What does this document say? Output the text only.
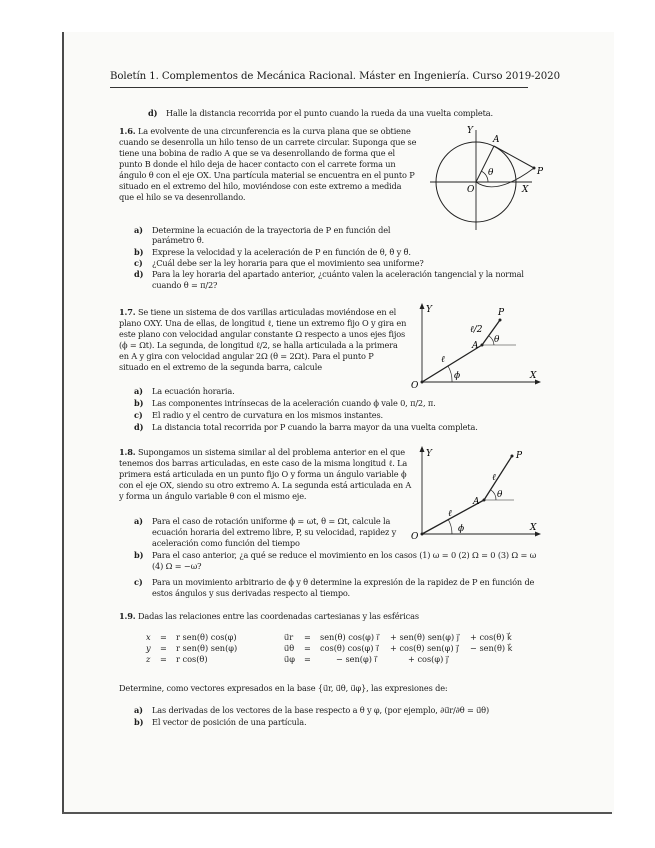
Boletín 1. Complementos de Mecánica Racional. Máster en Ingeniería. Curso 2019-2020
d) Halle la distancia recorrida por el punto cuando la rueda da una vuelta completa.
1.6. La evolvente de una circunferencia es la curva plana que se obtiene
cuando se desenrolla un hilo tenso de un carrete circular. Suponga que se
tiene una bobina de radio A que se va desenrollando de forma que el
punto B donde el hilo deja de hacer contacto con el carrete forma un
ángulo θ con el eje OX. Una partícula material se encuentra en el punto P
situado en el extremo del hilo, moviéndose con este extremo a medida
que el hilo se va desenrollando.
Y
A
θ
O	X
P
a) Determine la ecuación de la trayectoria de P en función del
parámetro θ.
b) Exprese la velocidad y la aceleración de P en función de θ, θ̇ y θ̈.
c) ¿Cuál debe ser la ley horaria para que el movimiento sea uniforme?
d) Para la ley horaria del apartado anterior, ¿cuánto valen la aceleración tangencial y la normal
cuando θ = π/2?
1.7. Se tiene un sistema de dos varillas articuladas moviéndose en el
plano OXY. Una de ellas, de longitud ℓ, tiene un extremo fijo O y gira en
este plano con velocidad angular constante Ω respecto a unos ejes fijos
(ϕ = Ωt). La segunda, de longitud ℓ/2, se halla articulada a la primera
en A y gira con velocidad angular 2Ω (θ = 2Ωt). Para el punto P
situado en el extremo de la segunda barra, calcule
Y	P
ℓ/2
A
θ
ℓ
ϕ
O
X
a) La ecuación horaria.
b) Las componentes intrínsecas de la aceleración cuando ϕ vale 0, π/2, π.
c) El radio y el centro de curvatura en los mismos instantes.
d) La distancia total recorrida por P cuando la barra mayor da una vuelta completa.
1.8. Supongamos un sistema similar al del problema anterior en el que
tenemos dos barras articuladas, en este caso de la misma longitud ℓ. La
primera está articulada en un punto fijo O y forma un ángulo variable ϕ
con el eje OX, siendo su otro extremo A. La segunda está articulada en A
y forma un ángulo variable θ con el mismo eje.
Y	P
ℓ
A
θ
ℓ
ϕ
O
X
a) Para el caso de rotación uniforme ϕ = ωt, θ = Ωt, calcule la
ecuación horaria del extremo libre, P, su velocidad, rapidez y
aceleración como función del tiempo
b) Para el caso anterior, ¿a qué se reduce el movimiento en los casos (1) ω = 0 (2) Ω = 0 (3) Ω = ω
(4) Ω = −ω?
c) Para un movimiento arbitrario de ϕ y θ determine la expresión de la rapidez de P en función de
estos ángulos y sus derivadas respecto al tiempo.
1.9. Dadas las relaciones entre las coordenadas cartesianas y las esféricas
x = r sen(θ) cos(φ)
y = r sen(θ) sen(φ)
z = r cos(θ)
u⃗r = sen(θ) cos(φ) ı⃗ + sen(θ) sen(φ) ȷ⃗ + cos(θ) k⃗
u⃗θ = cos(θ) cos(φ) ı⃗ + cos(θ) sen(φ) ȷ⃗ − sen(θ) k⃗
u⃗φ =	− sen(φ) ı⃗	+ cos(φ) ȷ⃗
Determine, como vectores expresados en la base {u⃗r, u⃗θ, u⃗φ}, las expresiones de:
a) Las derivadas de los vectores de la base respecto a θ y φ, (por ejemplo, ∂u⃗r/∂θ = u⃗θ)
b) El vector de posición de una partícula.
